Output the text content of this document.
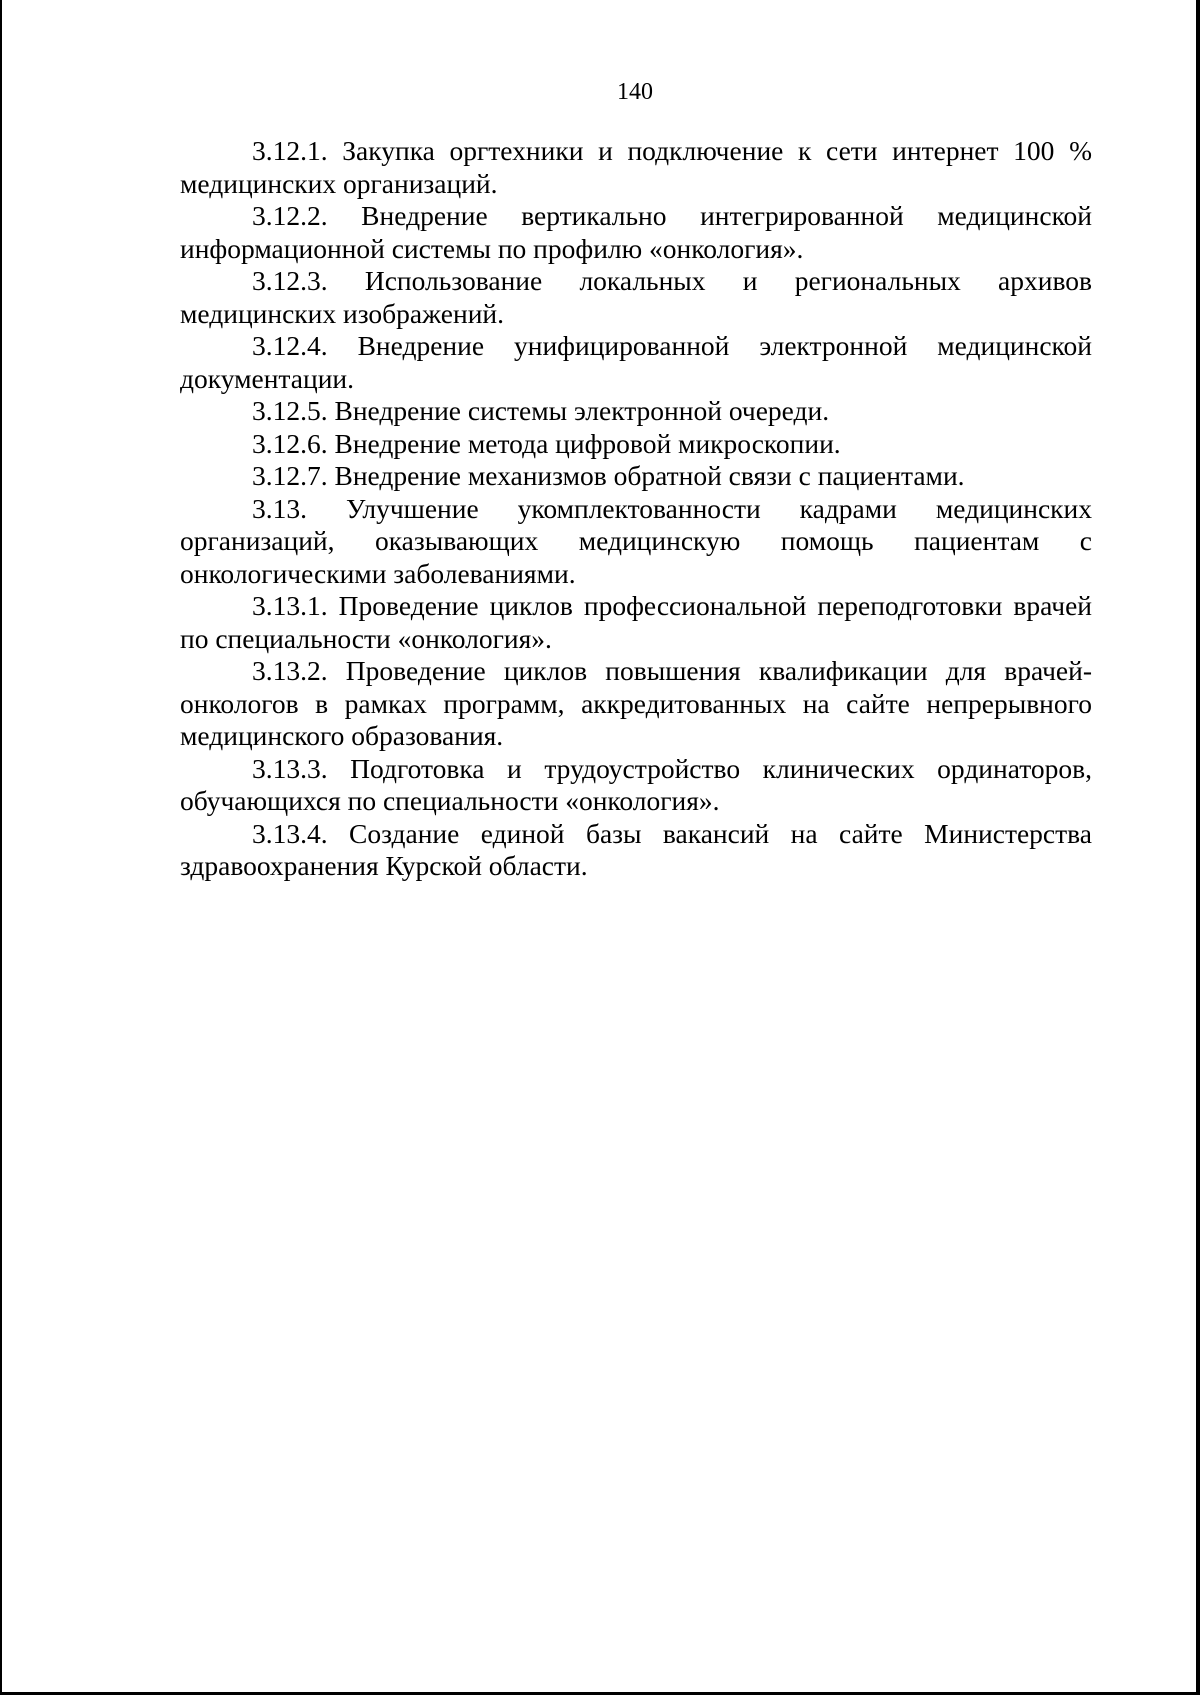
140

3.12.1. Закупка оргтехники и подключение к сети интернет 100 % медицинских организаций.

3.12.2. Внедрение вертикально интегрированной медицинской информационной системы по профилю «онкология».

3.12.3. Использование локальных и региональных архивов медицинских изображений.

3.12.4. Внедрение унифицированной электронной медицинской документации.

3.12.5. Внедрение системы электронной очереди.

3.12.6. Внедрение метода цифровой микроскопии.

3.12.7. Внедрение механизмов обратной связи с пациентами.

3.13. Улучшение укомплектованности кадрами медицинских организаций, оказывающих медицинскую помощь пациентам с онкологическими заболеваниями.

3.13.1. Проведение циклов профессиональной переподготовки врачей по специальности «онкология».

3.13.2. Проведение циклов повышения квалификации для врачей-онкологов в рамках программ, аккредитованных на сайте непрерывного медицинского образования.

3.13.3. Подготовка и трудоустройство клинических ординаторов, обучающихся по специальности «онкология».

3.13.4. Создание единой базы вакансий на сайте Министерства здравоохранения Курской области.
